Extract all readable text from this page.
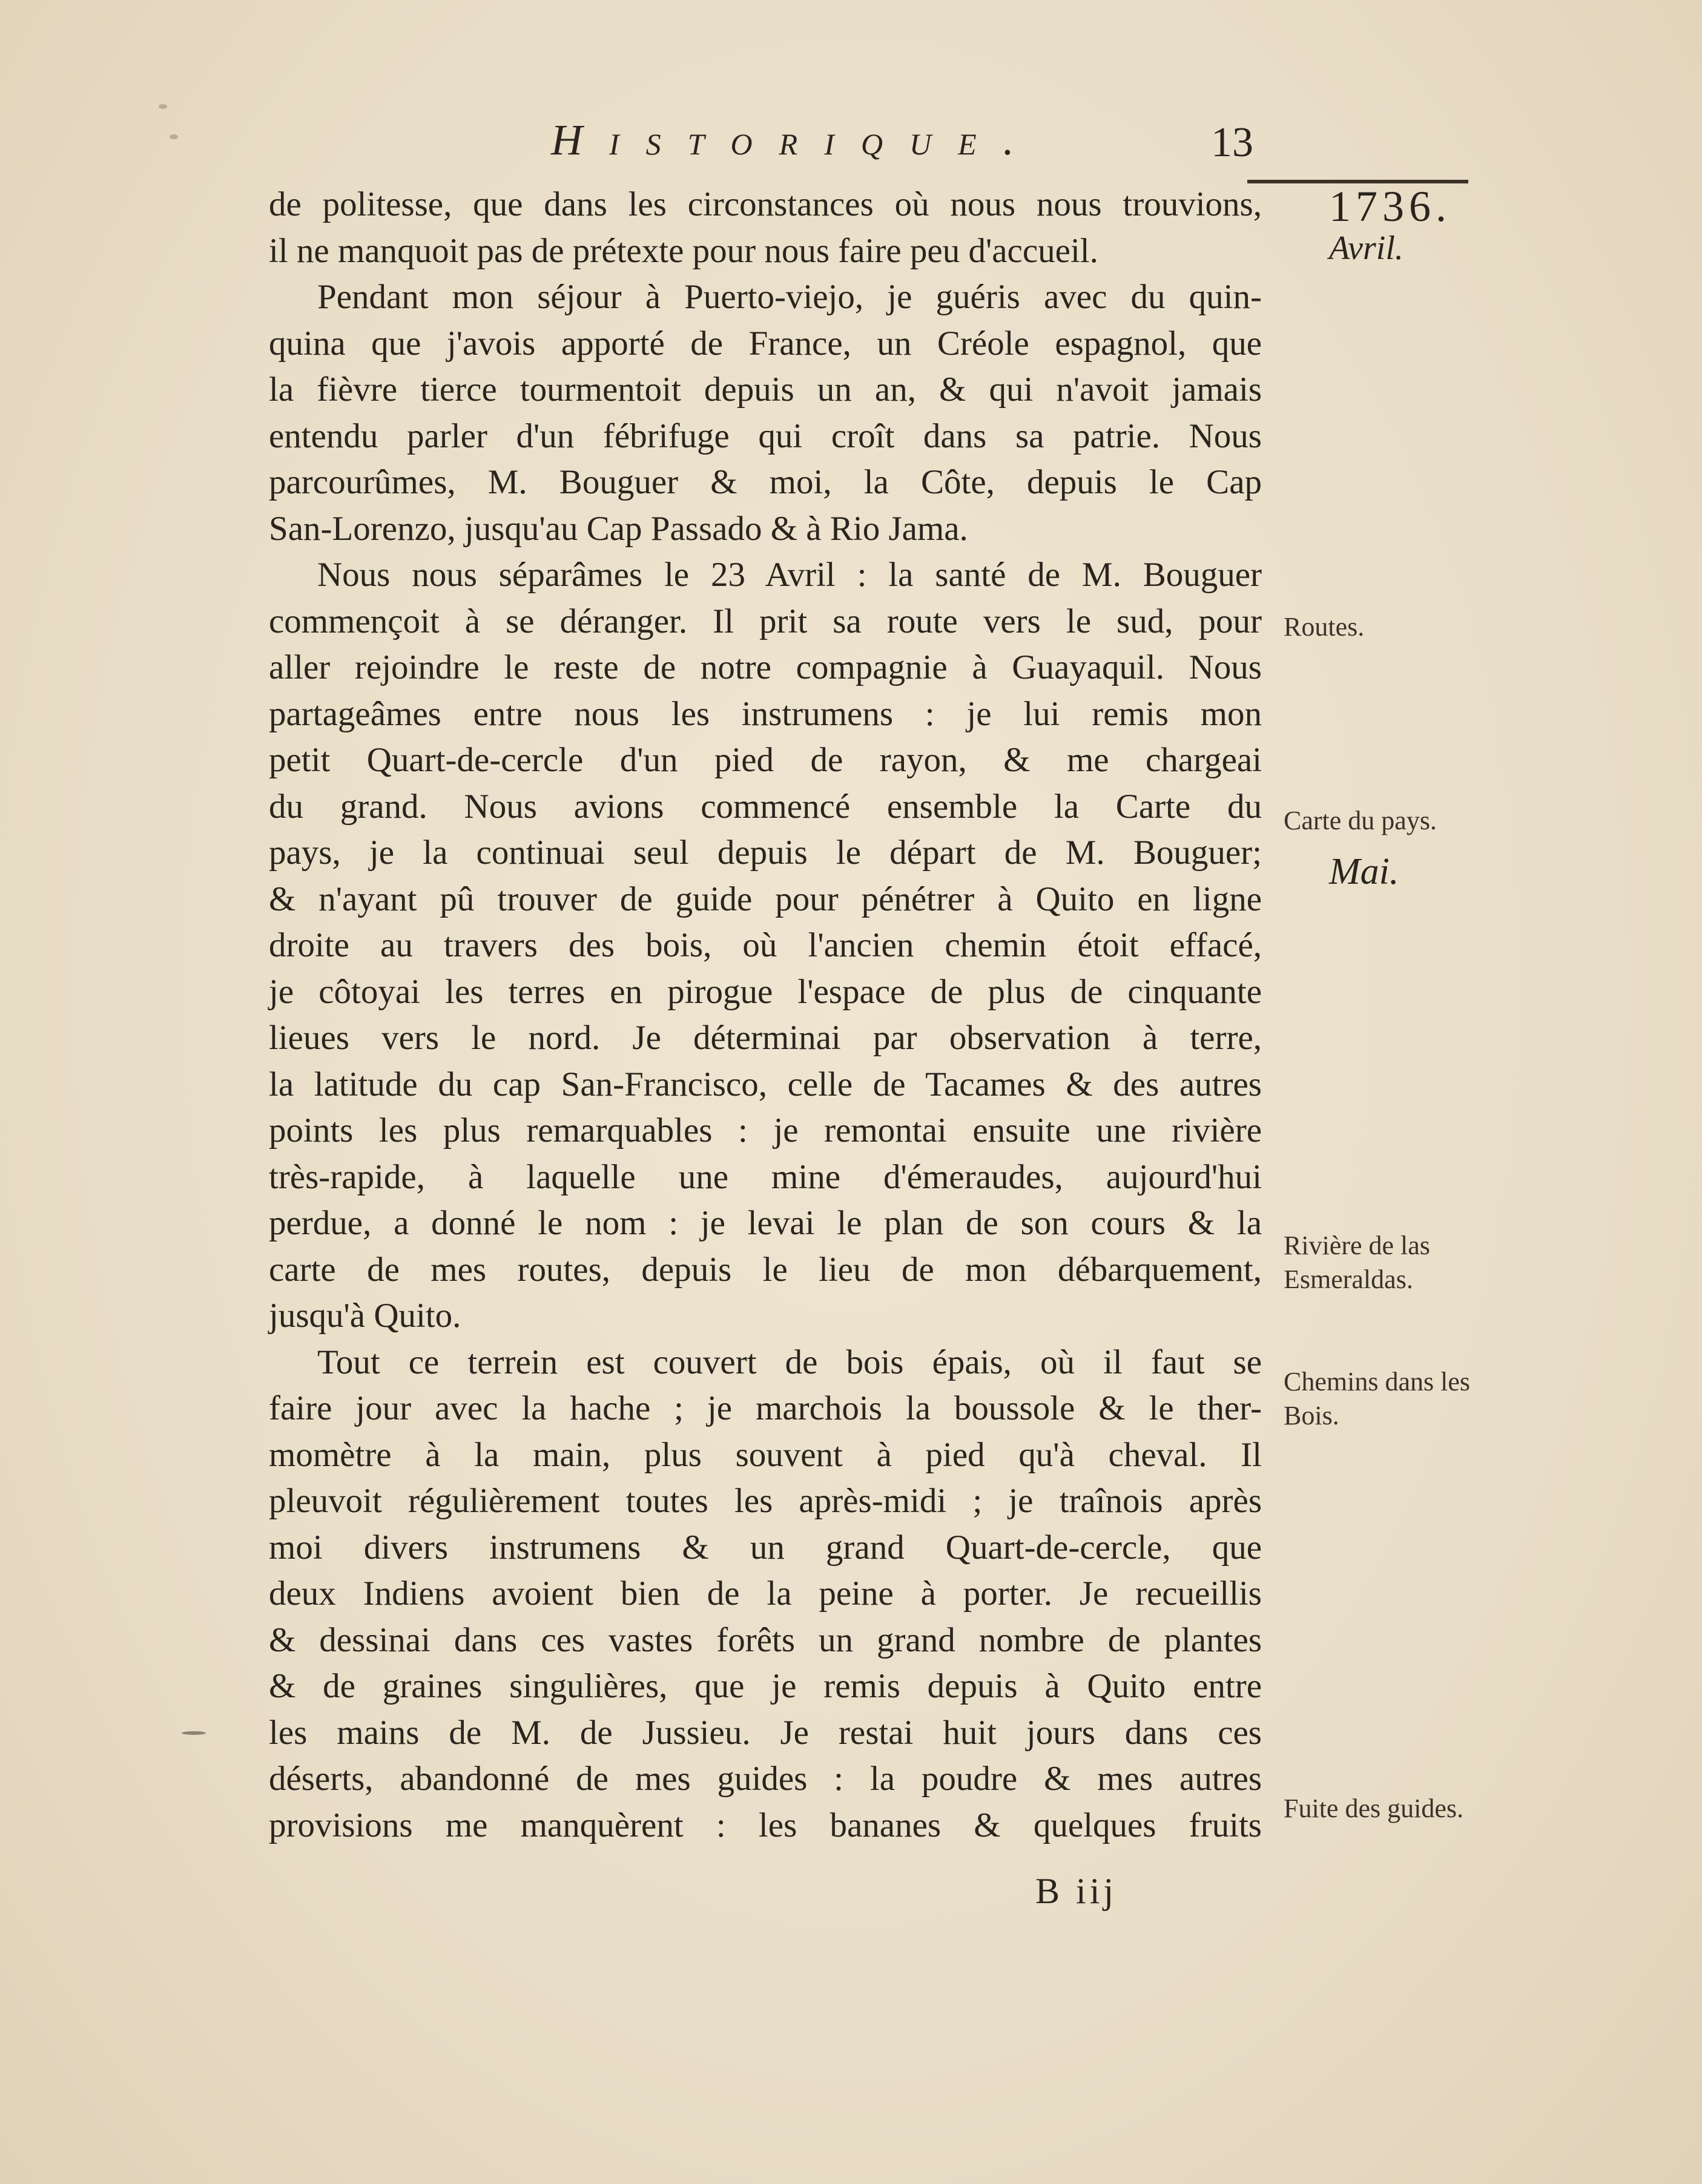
Historique.	13
1736.
Avril.
Mai.
Routes.
Carte du pays.
Rivière de las Esmeraldas.
Chemins dans les Bois.
Fuite des guides.
de politesse, que dans les circonstances où nous nous trouvions,
il ne manquoit pas de prétexte pour nous faire peu d'accueil.
Pendant mon séjour à Puerto-viejo, je guéris avec du quin-
quina que j'avois apporté de France, un Créole espagnol, que
la fièvre tierce tourmentoit depuis un an, & qui n'avoit jamais
entendu parler d'un fébrifuge qui croît dans sa patrie. Nous
parcourûmes, M. Bouguer & moi, la Côte, depuis le Cap
San-Lorenzo, jusqu'au Cap Passado & à Rio Jama.
Nous nous séparâmes le 23 Avril : la santé de M. Bouguer
commençoit à se déranger. Il prit sa route vers le sud, pour
aller rejoindre le reste de notre compagnie à Guayaquil. Nous
partageâmes entre nous les instrumens : je lui remis mon
petit Quart-de-cercle d'un pied de rayon, & me chargeai
du grand. Nous avions commencé ensemble la Carte du
pays, je la continuai seul depuis le départ de M. Bouguer;
& n'ayant pû trouver de guide pour pénétrer à Quito en ligne
droite au travers des bois, où l'ancien chemin étoit effacé,
je côtoyai les terres en pirogue l'espace de plus de cinquante
lieues vers le nord. Je déterminai par observation à terre,
la latitude du cap San-Francisco, celle de Tacames & des autres
points les plus remarquables : je remontai ensuite une rivière
très-rapide, à laquelle une mine d'émeraudes, aujourd'hui
perdue, a donné le nom : je levai le plan de son cours & la
carte de mes routes, depuis le lieu de mon débarquement,
jusqu'à Quito.
Tout ce terrein est couvert de bois épais, où il faut se
faire jour avec la hache ; je marchois la boussole & le ther-
momètre à la main, plus souvent à pied qu'à cheval. Il
pleuvoit régulièrement toutes les après-midi ; je traînois après
moi divers instrumens & un grand Quart-de-cercle, que
deux Indiens avoient bien de la peine à porter. Je recueillis
& dessinai dans ces vastes forêts un grand nombre de plantes
& de graines singulières, que je remis depuis à Quito entre
les mains de M. de Jussieu. Je restai huit jours dans ces
déserts, abandonné de mes guides : la poudre & mes autres
provisions me manquèrent : les bananes & quelques fruits
B iij
